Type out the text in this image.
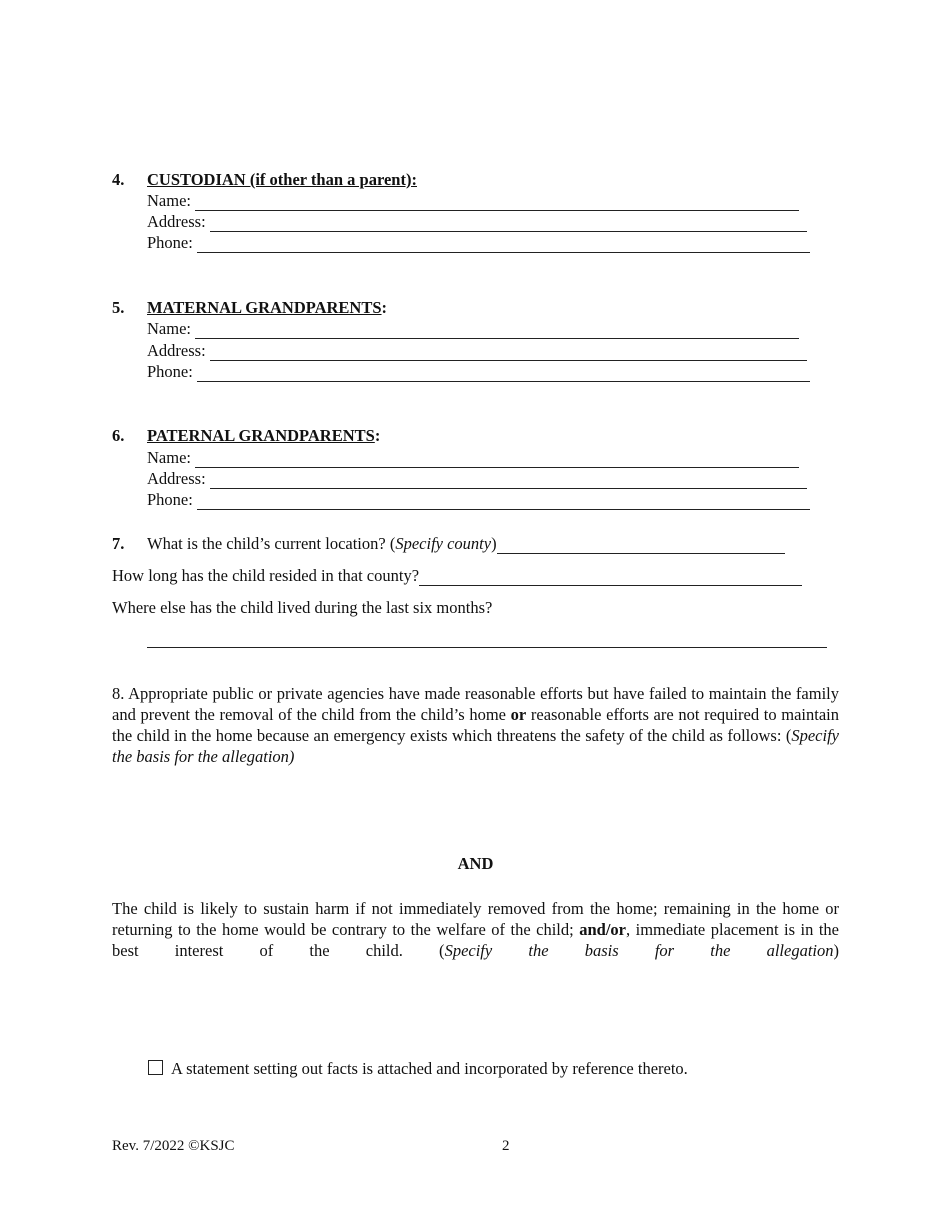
4. CUSTODIAN (if other than a parent):
Name:
Address:
Phone:
5. MATERNAL GRANDPARENTS:
Name:
Address:
Phone:
6. PATERNAL GRANDPARENTS:
Name:
Address:
Phone:
7. What is the child’s current location? (Specify county)
How long has the child resided in that county?
Where else has the child lived during the last six months?
8. Appropriate public or private agencies have made reasonable efforts but have failed to maintain the family and prevent the removal of the child from the child’s home or reasonable efforts are not required to maintain the child in the home because an emergency exists which threatens the safety of the child as follows: (Specify the basis for the allegation)
AND
The child is likely to sustain harm if not immediately removed from the home; remaining in the home or returning to the home would be contrary to the welfare of the child; and/or, immediate placement is in the best interest of the child. (Specify the basis for the allegation)
A statement setting out facts is attached and incorporated by reference thereto.
Rev. 7/2022 ©KSJC	2
